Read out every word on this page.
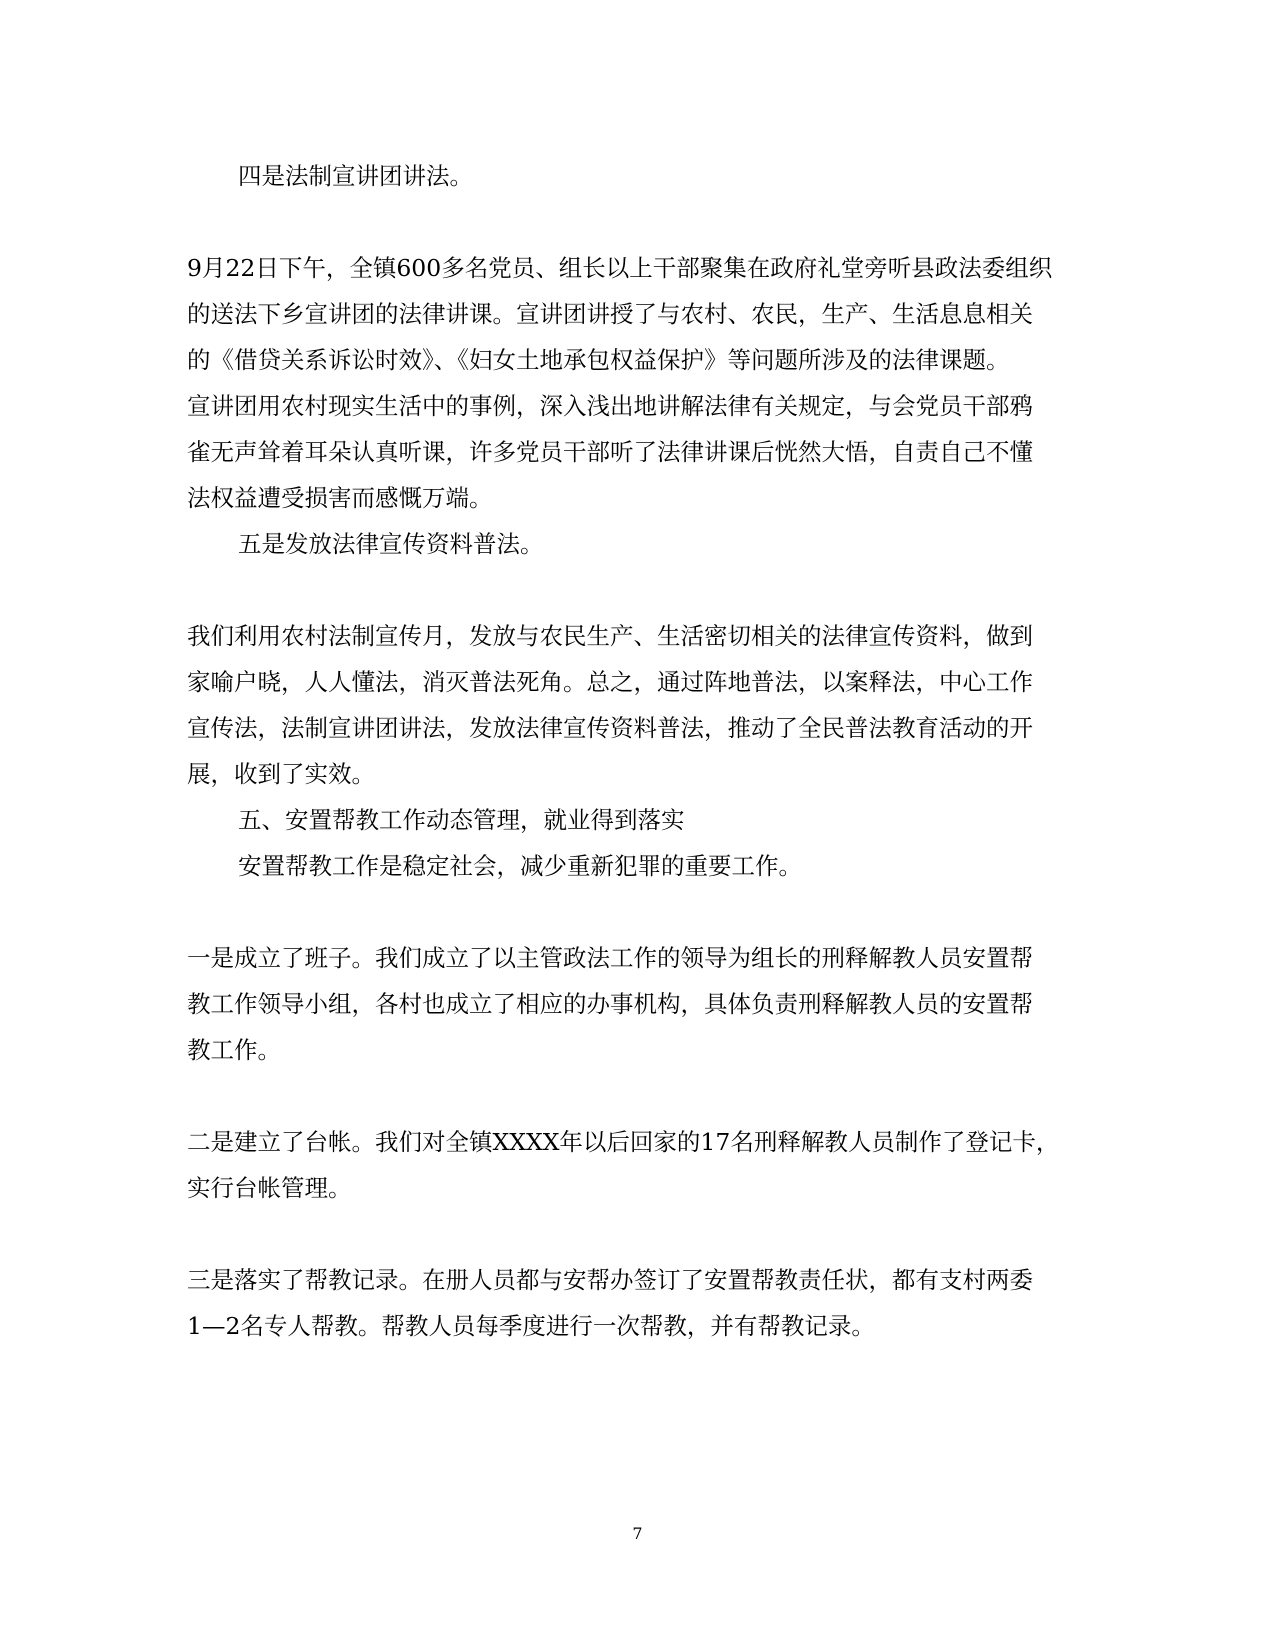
四是法制宣讲团讲法。
9月22日下午，全镇600多名党员、组长以上干部聚集在政府礼堂旁听县政法委组织
的送法下乡宣讲团的法律讲课。宣讲团讲授了与农村、农民，生产、生活息息相关
的《借贷关系诉讼时效》、《妇女土地承包权益保护》等问题所涉及的法律课题。
宣讲团用农村现实生活中的事例，深入浅出地讲解法律有关规定，与会党员干部鸦
雀无声耸着耳朵认真听课，许多党员干部听了法律讲课后恍然大悟，自责自己不懂
法权益遭受损害而感慨万端。
五是发放法律宣传资料普法。
我们利用农村法制宣传月，发放与农民生产、生活密切相关的法律宣传资料，做到
家喻户晓，人人懂法，消灭普法死角。总之，通过阵地普法，以案释法，中心工作
宣传法，法制宣讲团讲法，发放法律宣传资料普法，推动了全民普法教育活动的开
展，收到了实效。
五、安置帮教工作动态管理，就业得到落实
安置帮教工作是稳定社会，减少重新犯罪的重要工作。
一是成立了班子。我们成立了以主管政法工作的领导为组长的刑释解教人员安置帮
教工作领导小组，各村也成立了相应的办事机构，具体负责刑释解教人员的安置帮
教工作。
二是建立了台帐。我们对全镇XXXX年以后回家的17名刑释解教人员制作了登记卡，
实行台帐管理。
三是落实了帮教记录。在册人员都与安帮办签订了安置帮教责任状，都有支村两委
1—2名专人帮教。帮教人员每季度进行一次帮教，并有帮教记录。
7
